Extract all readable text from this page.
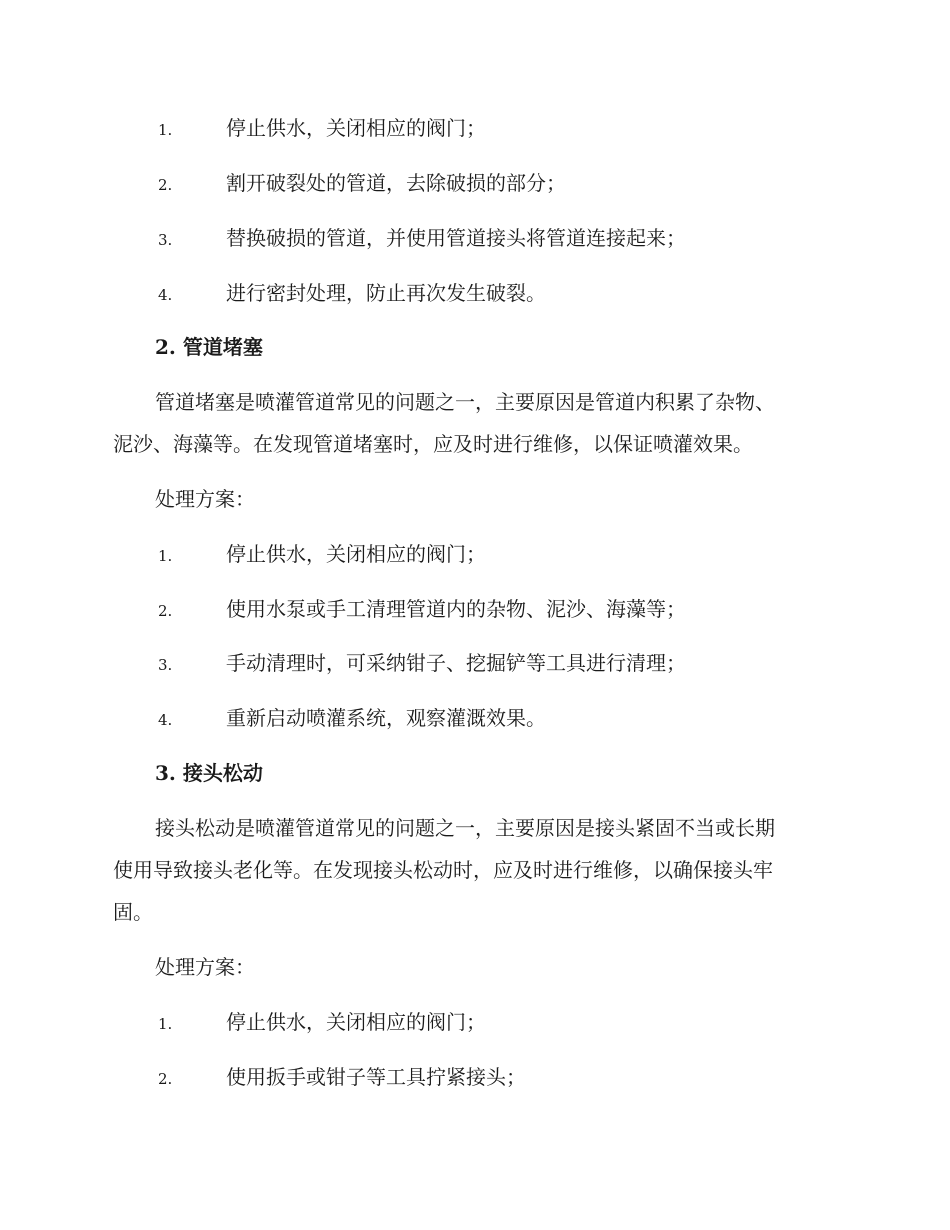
1.	停止供水，关闭相应的阀门；
2.	割开破裂处的管道，去除破损的部分；
3.	替换破损的管道，并使用管道接头将管道连接起来；
4.	进行密封处理，防止再次发生破裂。
2. 管道堵塞
管道堵塞是喷灌管道常见的问题之一，主要原因是管道内积累了杂物、
泥沙、海藻等。在发现管道堵塞时，应及时进行维修，以保证喷灌效果。
处理方案：
1.	停止供水，关闭相应的阀门；
2.	使用水泵或手工清理管道内的杂物、泥沙、海藻等；
3.	手动清理时，可采纳钳子、挖掘铲等工具进行清理；
4.	重新启动喷灌系统，观察灌溉效果。
3. 接头松动
接头松动是喷灌管道常见的问题之一，主要原因是接头紧固不当或长期
使用导致接头老化等。在发现接头松动时，应及时进行维修，以确保接头牢
固。
处理方案：
1.	停止供水，关闭相应的阀门；
2.	使用扳手或钳子等工具拧紧接头；
